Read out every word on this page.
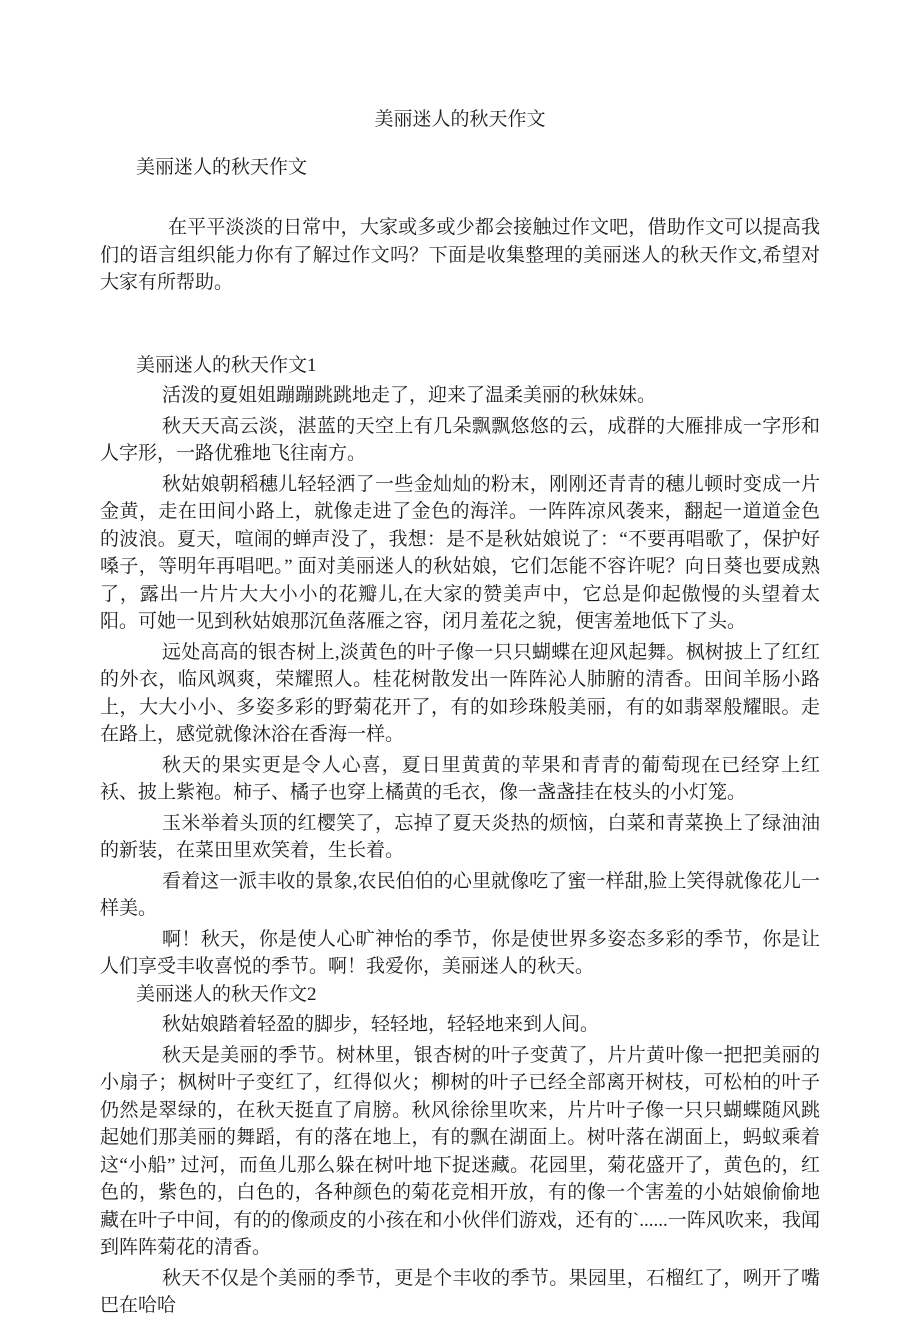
美丽迷人的秋天作文
美丽迷人的秋天作文

在平平淡淡的日常中，大家或多或少都会接触过作文吧，借助作文可以提高我们的语言组织能力你有了解过作文吗？下面是收集整理的美丽迷人的秋天作文,希望对大家有所帮助。

美丽迷人的秋天作文1

活泼的夏姐姐蹦蹦跳跳地走了，迎来了温柔美丽的秋妹妹。

秋天天高云淡，湛蓝的天空上有几朵飘飘悠悠的云，成群的大雁排成一字形和人字形，一路优雅地飞往南方。

秋姑娘朝稻穗儿轻轻洒了一些金灿灿的粉末，刚刚还青青的穗儿顿时变成一片金黄，走在田间小路上，就像走进了金色的海洋。一阵阵凉风袭来，翻起一道道金色的波浪。夏天，喧闹的蝉声没了，我想：是不是秋姑娘说了：“不要再唱歌了，保护好嗓子，等明年再唱吧。” 面对美丽迷人的秋姑娘，它们怎能不容许呢？向日葵也要成熟了，露出一片片大大小小的花瓣儿,在大家的赞美声中，它总是仰起傲慢的头望着太阳。可她一见到秋姑娘那沉鱼落雁之容，闭月羞花之貌，便害羞地低下了头。

远处高高的银杏树上,淡黄色的叶子像一只只蝴蝶在迎风起舞。枫树披上了红红的外衣，临风飒爽，荣耀照人。桂花树散发出一阵阵沁人肺腑的清香。田间羊肠小路上，大大小小、多姿多彩的野菊花开了，有的如珍珠般美丽，有的如翡翠般耀眼。走在路上，感觉就像沐浴在香海一样。

秋天的果实更是令人心喜，夏日里黄黄的苹果和青青的葡萄现在已经穿上红袄、披上紫袍。柿子、橘子也穿上橘黄的毛衣，像一盏盏挂在枝头的小灯笼。

玉米举着头顶的红樱笑了，忘掉了夏天炎热的烦恼，白菜和青菜换上了绿油油的新装，在菜田里欢笑着，生长着。

看着这一派丰收的景象,农民伯伯的心里就像吃了蜜一样甜,脸上笑得就像花儿一样美。

啊！秋天，你是使人心旷神怡的季节，你是使世界多姿态多彩的季节，你是让人们享受丰收喜悦的季节。啊！我爱你，美丽迷人的秋天。

美丽迷人的秋天作文2

秋姑娘踏着轻盈的脚步，轻轻地，轻轻地来到人间。

秋天是美丽的季节。树林里，银杏树的叶子变黄了，片片黄叶像一把把美丽的小扇子；枫树叶子变红了，红得似火；柳树的叶子已经全部离开树枝，可松柏的叶子仍然是翠绿的，在秋天挺直了肩膀。秋风徐徐里吹来，片片叶子像一只只蝴蝶随风跳起她们那美丽的舞蹈，有的落在地上，有的飘在湖面上。树叶落在湖面上，蚂蚁乘着这“小船” 过河，而鱼儿那么躲在树叶地下捉迷藏。花园里，菊花盛开了，黄色的，红色的，紫色的，白色的，各种颜色的菊花竞相开放，有的像一个害羞的小姑娘偷偷地藏在叶子中间，有的的像顽皮的小孩在和小伙伴们游戏，还有的`......一阵风吹来，我闻到阵阵菊花的清香。

秋天不仅是个美丽的季节，更是个丰收的季节。果园里，石榴红了，咧开了嘴巴在哈哈
